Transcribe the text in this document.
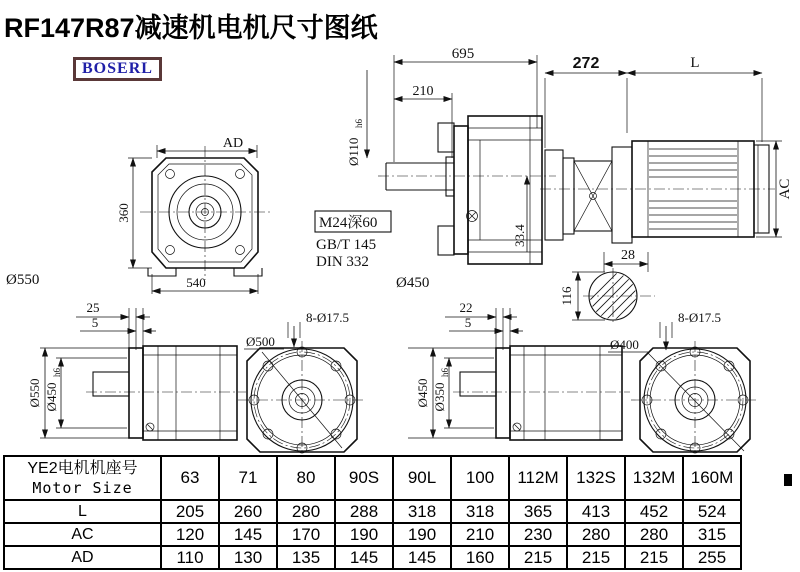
AD
360
Ø550	540
695
210
Ø110
h6
33.4
M24深60
GB/T 145
DIN 332
Ø450
272	L
AC
28
116
25
5
Ø550 Ø450
h6
Ø500
8-Ø17.5
22
5
Ø450 Ø350
h6
Ø400
8-Ø17.5
RF147R87减速机电机尺寸图纸
BOSERL
YE2电机机座号
Motor Size	63	71	80	90S	90L	100	112M	132S	132M	160M
L	205	260	280	288	318	318	365	413	452	524
AC	120	145	170	190	190	210	230	280	280	315
AD	110	130	135	145	145	160	215	215	215	255
